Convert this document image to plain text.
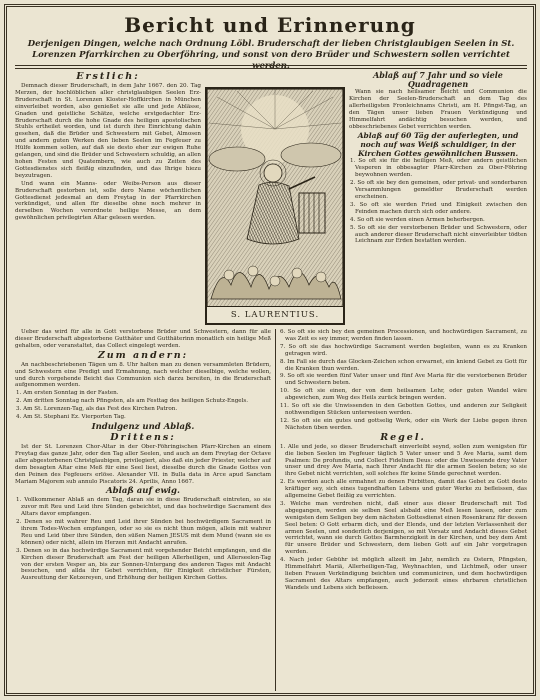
Bericht und Erinnerung
Derjenigen Dingen, welche nach Ordnung Löbl. Bruderschaft der lieben Christglaubigen Seelen in St. Lorenzen Pfarrkirchen zu Oberföhring, und sonst von dero Brüder und Schwestern sollen verrichtet werden.
S. LAURENTIUS.
Erstlich:

Demnach dieser Bruderschaft, in dem Jahr 1667. den 20. Tag Merzen, der hochlöblichen aller christglaubigen Seelen Erz-Bruderschaft in St. Lorenzen Kloster-Hoffkirchen in München einverleibet worden, also genießet sie alle und jede Ablässe, Gnaden und geistliche Schätze, welche erstgedachter Erz-Bruderschaft durch die hohe Gnade des heiligen apostolischen Stuhls ertheilet worden, und ist durch ihre Einrichtung dahin gesehen, daß die Brüder und Schwestern mit Gebet, Almosen und andern guten Werken den lieben Seelen im Fegfeuer zu Hülfe kommen sollen, auf daß sie desto eher zur ewigen Ruhe gelangen, und sind die Brüder und Schwestern schuldig, an allen hohen Festen und Quatembern, wie auch zu Zeiten des Gottesdienstes sich fleißig einzufinden, und das Ihrige hiezu beyzutragen.

Und wann ein Manns- oder Weibs-Person aus dieser Bruderschaft gestorben ist, solle dero Name wöchentlichen Gottesdienst jedesmal an dem Freytag in der Pfarrkirchen verkündiget, und allen für dieselbe ohne noch mehrer in derselben Wochen verordnete heilige Messe, an dem gewöhnlichen privilegirten Altar gelesen werden.

Ablaß auf 7 Jahr und so viele Quadragenen

Wann sie nach heilsamer Beicht und Communion die Kirchen der Seelen-Bruderschaft an dem Tag des allerheiligsten Fronleichnams Christi, am H. Pfingst-Tag, an den Tägen unser lieben Frauen Verkündigung und Himmelfahrt andächtig besuchen werden, und obbeschriebenes Gebet verrichten werden.

Ablaß auf 60 Täg der auferlegten, und noch auf was Weiß schuldiger, in der Kirchen Gottes gewöhnlichen Bussen.

1. So oft sie für die heiligen Meß, oder andern geistlichen Vesperen in obbesagter Pfarr-Kirchen zu Ober-Föhring beywohnen werden.

2. So oft sie bey den gemeinen, oder privat- und sonderbaren Versammlungen gemeldter Bruderschaft werden erscheinen.

3. So oft sie werden Fried und Einigkeit zwischen den Feinden machen durch sich oder andere.

4. So oft sie werden einen Armen beherbergen.

5. So oft sie der verstorbenen Brüder und Schwestern, oder auch anderer dieser Bruderschaft nicht einverleibter tödten Leichnam zur Erden bestatten werden.

Ueber das wird für alle in Gott verstorbene Brüder und Schwestern, dann für alle dieser Bruderschaft abgestorbene Guttháter und Gutthäterinn monatlich ein heilige Meß gehalten, oder veranstaltet, das Collect eingelegt werden.

Zum andern:

An nachbeschriebenen Tägen um 8. Uhr halten man zu denen versammleten Brüdern, und Schwestern eine Predigt und Ermahnung, nach welcher dieselbige, welche wollen, und durch vorgehende Beicht das Communion sich darzu bereiten, in die Bruderschaft aufgenommen werden.

1. Am ersten Sonntag in der Fasten.

2. Am dritten Sonntag nach Pfingsten, als am Festtag des heiligen Schutz-Engels.

3. Am St. Lorenzen-Tag, als das Fest des Kirchen Patron.

4. Am St. Stephani Ez. Vierporten Tag.

Indulgenz und Ablaß.
Drittens:

Ist der St. Lorenzen Chor-Altar in der Ober-Föhringischen Pfarr-Kirchen an einem Freytag das ganze Jahr, oder den Tag aller Seelen, und auch an dem Freytag der Octave aller abgestorbenen Christglaubigen, privilegiert, also daß ein jeder Priester, welcher auf dem besagten Altar eine Meß für eine Seel liest, dieselbe durch die Gnade Gottes von den Peinen des Fegfeuers erlöse. Alexander VII. in Bulla data in Arce apud Sanctam Mariam Majorem sub annulo Piscatoris 24. Aprilis, Anno 1667.

Ablaß auf ewig.

1. Vollkommener Ablaß an dem Tag, daran sie in diese Bruderschaft eintreten, so sie zuvor mit Reu und Leid ihre Sünden gebeichtet, und das hochwürdige Sacrament des Altars davor empfangen.

2. Denen so mit wahrer Reu und Leid ihrer Sünden bei hochwürdigem Sacrament in ihrem Todes-Wochen empfangen, oder so sie es nicht thun mögen, allein mit wahrer Reu und Leid über ihre Sünden, den süßen Namen JESUS mit dem Mund (wann sie es können) oder nicht, allein im Herzen mit Andacht anrufen.

3. Denen so in das hochwürdige Sacrament mit vorgehender Beicht empfangen, und die Kirchen dieser Bruderschaft am Fest der heiligen Allerheiligen, und Allerseelen-Tag von der ersten Vesper an, bis zur Sonnen-Untergang des anderen Tages mit Andacht besuchen, und allda ihr Gebet verrichten, für Einigkeit christlicher Fürsten, Ausreuttung der Ketzereyen, und Erhöhung der heiligen Kirchen Gottes.

6. So oft sie sich bey den gemeinen Processionen, und hochwürdigen Sacrament, zu was Zeit es sey immer, werden finden lassen.

7. So oft sie das hochwürdige Sacrament werden begleiten, wann es zu Kranken getragen wird.

8. Im Fall sie durch das Glocken-Zeichen schon erwarnet, ein kniend Gebet zu Gott für die Kranken thun werden.

9. So oft sie werden fünf Vater unser und fünf Ave Maria für die verstorbenen Brüder und Schwestern beten.

10. So oft sie einen, der von dem heilsamen Lehr, oder guten Wandel wäre abgewichen, zum Weg des Heils zurück bringen werden.

11. So oft sie die Unwissenden in den Gebotten Gottes, und anderen zur Seligkeit nothwendigen Stücken unterweisen werden.

12. So oft sie ein gutes und gottselig Werk, oder ein Werk der Liebe gegen ihren Nächsten üben werden.

Regel.

1. Alle und jede, so dieser Bruderschaft einverleibt seynd, sollen zum wenigsten für die lieben Seelen im Fegfeuer täglich 5 Vater unser und 5 Ave Maria, samt dem Psalmen: De profundis, und Collect Fidelium Deus: oder die Unwissende drey Vater unser und drey Ave Maria, nach Ihrer Andacht für die armen Seelen beten; so sie ihre Gebet nicht verrichten, soll solches für keine Sünde gerechnet werden.

2. Es werden auch alle ermahnet zu denen Fürbitten, damit das Gebet zu Gott desto kräftiger sey, sich eines tugendhaften Lebens und guter Werke zu befleissen, das allgemeine Gebet fleißig zu verrichten.

3. Welche man verdrehen nicht, daß einer aus dieser Bruderschaft mit Tod abgegangen, werden sie selben Seel alsbald eine Meß lesen lassen, oder zum wenigsten dem Seligen bey dem nächsten Gottesdienst einen Rosenkranz für dessen Seel beten: O Gott erbarm dich, und der Elends, und der letzten Verlassenheit der armen Seelen, und sonderlich derjenigen, so mit Vorsatz und Andacht dieses Gebet verrichtet, wann sie durch Gottes Barmherzigkeit in der Kirchen, und bey dem Amt für unsere Brüder und Schwestern, dem lieben Gott auf ein Jahr vorgetragen werden.

4. Nach jeder Gebühr ist möglich allzeit im Jahr, nemlich zu Ostern, Pfingsten, Himmelfahrt Mariä, Allerheiligen-Tag, Weyhnachten, und Lichtmeß, oder unser lieben Frauen Verkündigung beichten und communiciren, und dem hochwürdigen Sacrament des Altars empfangen, auch jederzeit eines ehrbaren christlichen Wandels und Lebens sich befleissen.
